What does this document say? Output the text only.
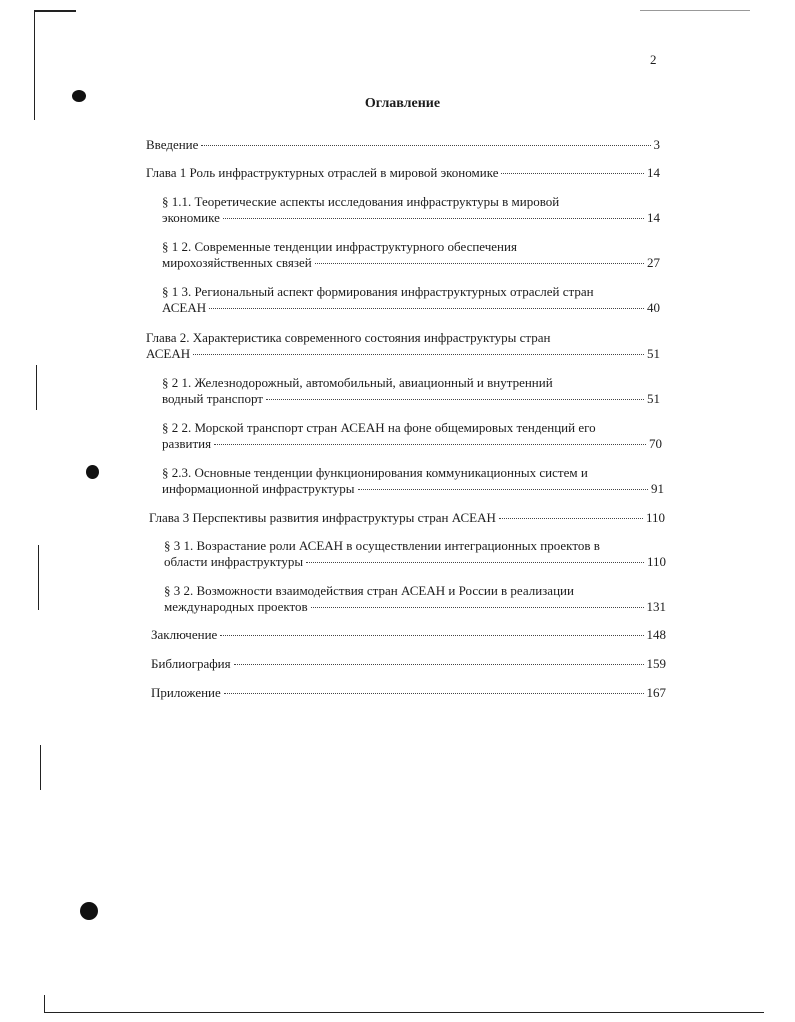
2
Оглавление
Введение	3
Глава 1 Роль инфраструктурных отраслей в мировой экономике	14
§ 1.1. Теоретические аспекты исследования инфраструктуры в мировой
экономике	14
§ 1 2. Современные тенденции инфраструктурного обеспечения
мирохозяйственных связей	27
§ 1 3. Региональный аспект формирования инфраструктурных отраслей стран
АСЕАН	40
Глава 2. Характеристика современного состояния инфраструктуры стран
АСЕАН	51
§ 2 1. Железнодорожный, автомобильный, авиационный и внутренний
водный транспорт	51
§ 2 2. Морской транспорт стран АСЕАН на фоне общемировых тенденций его
развития	70
§ 2.3. Основные тенденции функционирования коммуникационных систем и
информационной инфраструктуры	91
Глава 3 Перспективы развития инфраструктуры стран АСЕАН	110
§ 3 1. Возрастание роли АСЕАН в осуществлении интеграционных проектов в
области инфраструктуры	110
§ 3 2. Возможности взаимодействия стран АСЕАН и России в реализации
международных проектов	131
Заключение	148
Библиография	159
Приложение	167
